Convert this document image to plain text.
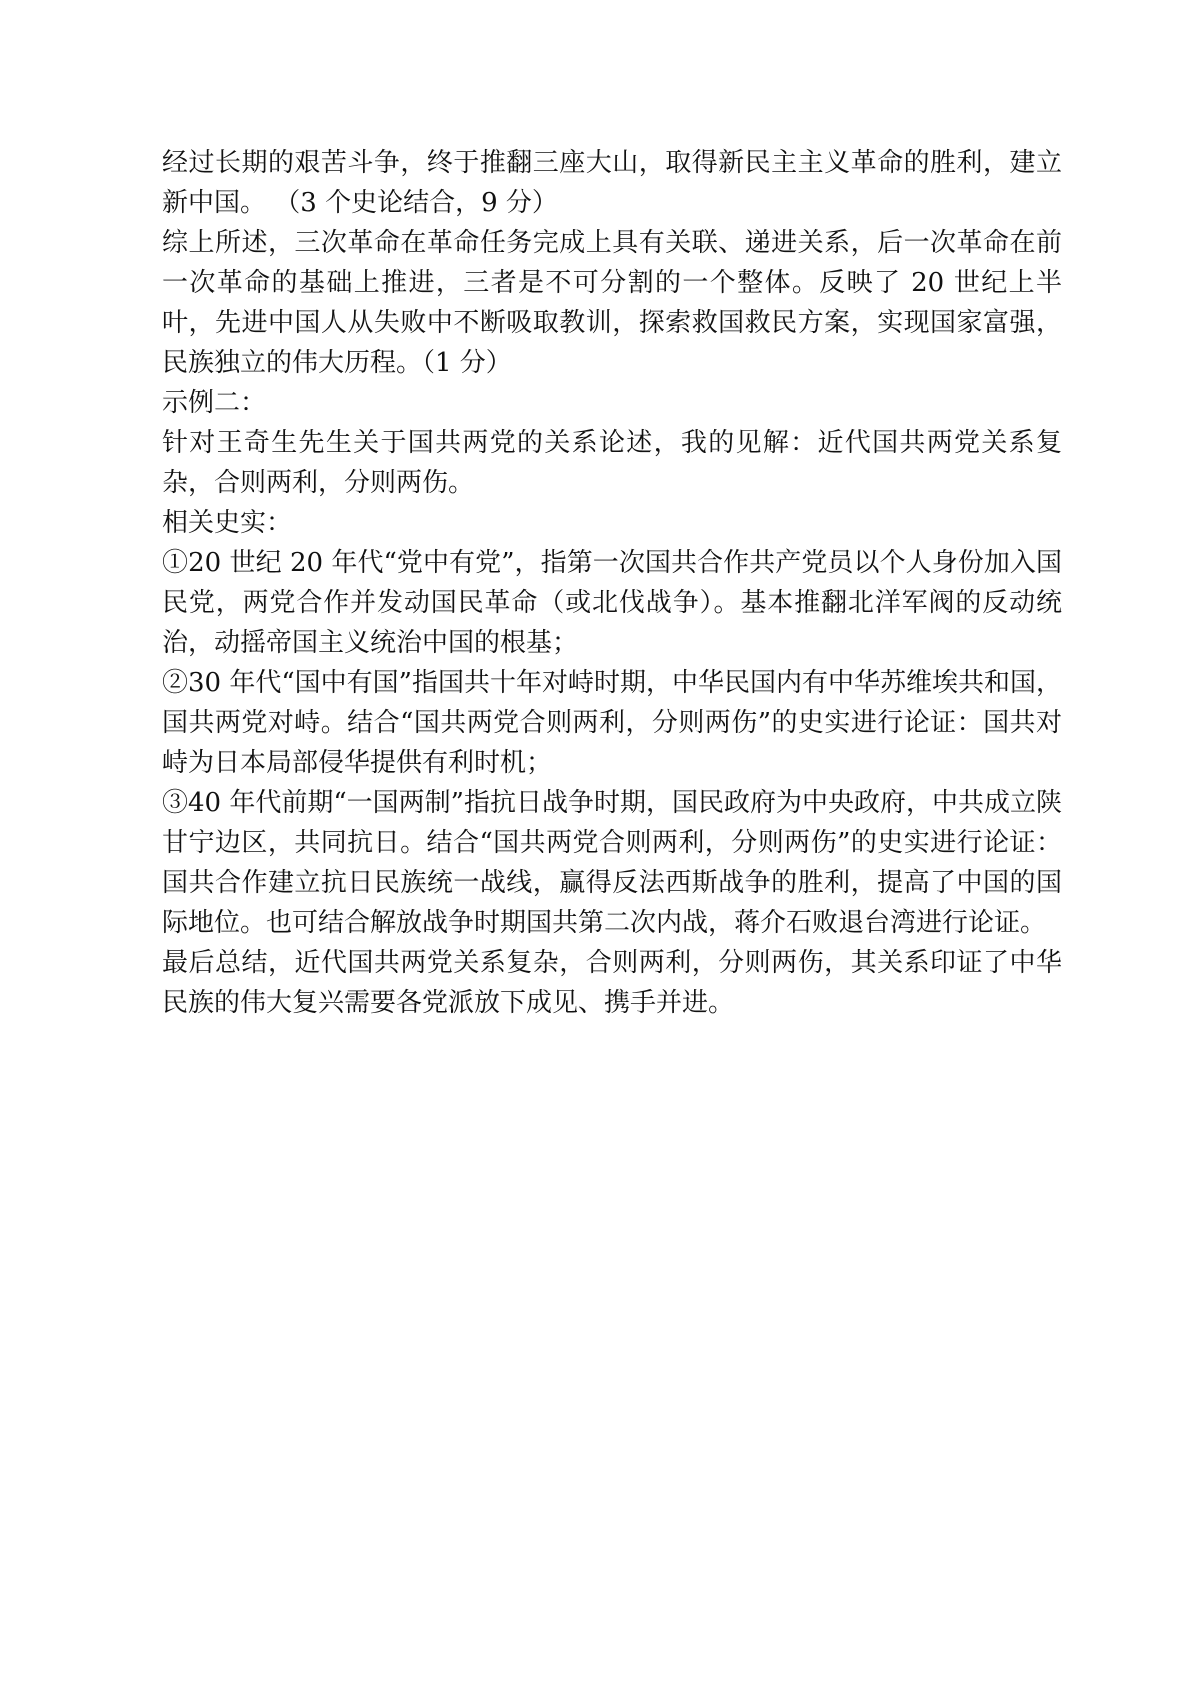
经过长期的艰苦斗争，终于推翻三座大山，取得新民主主义革命的胜利，建立新中国。 （3 个史论结合，9 分）

综上所述，三次革命在革命任务完成上具有关联、递进关系，后一次革命在前一次革命的基础上推进，三者是不可分割的一个整体。反映了 20 世纪上半叶，先进中国人从失败中不断吸取教训，探索救国救民方案，实现国家富强，民族独立的伟大历程。（1 分）

示例二：

针对王奇生先生关于国共两党的关系论述，我的见解：近代国共两党关系复杂，合则两利，分则两伤。

相关史实：

①20 世纪 20 年代“党中有党”，指第一次国共合作共产党员以个人身份加入国民党，两党合作并发动国民革命（或北伐战争）。基本推翻北洋军阀的反动统治，动摇帝国主义统治中国的根基；

②30 年代“国中有国”指国共十年对峙时期，中华民国内有中华苏维埃共和国，国共两党对峙。结合“国共两党合则两利，分则两伤”的史实进行论证：国共对峙为日本局部侵华提供有利时机；

③40 年代前期“一国两制”指抗日战争时期，国民政府为中央政府，中共成立陕甘宁边区，共同抗日。结合“国共两党合则两利，分则两伤”的史实进行论证：国共合作建立抗日民族统一战线，赢得反法西斯战争的胜利，提高了中国的国际地位。也可结合解放战争时期国共第二次内战，蒋介石败退台湾进行论证。

最后总结，近代国共两党关系复杂，合则两利，分则两伤，其关系印证了中华民族的伟大复兴需要各党派放下成见、携手并进。
